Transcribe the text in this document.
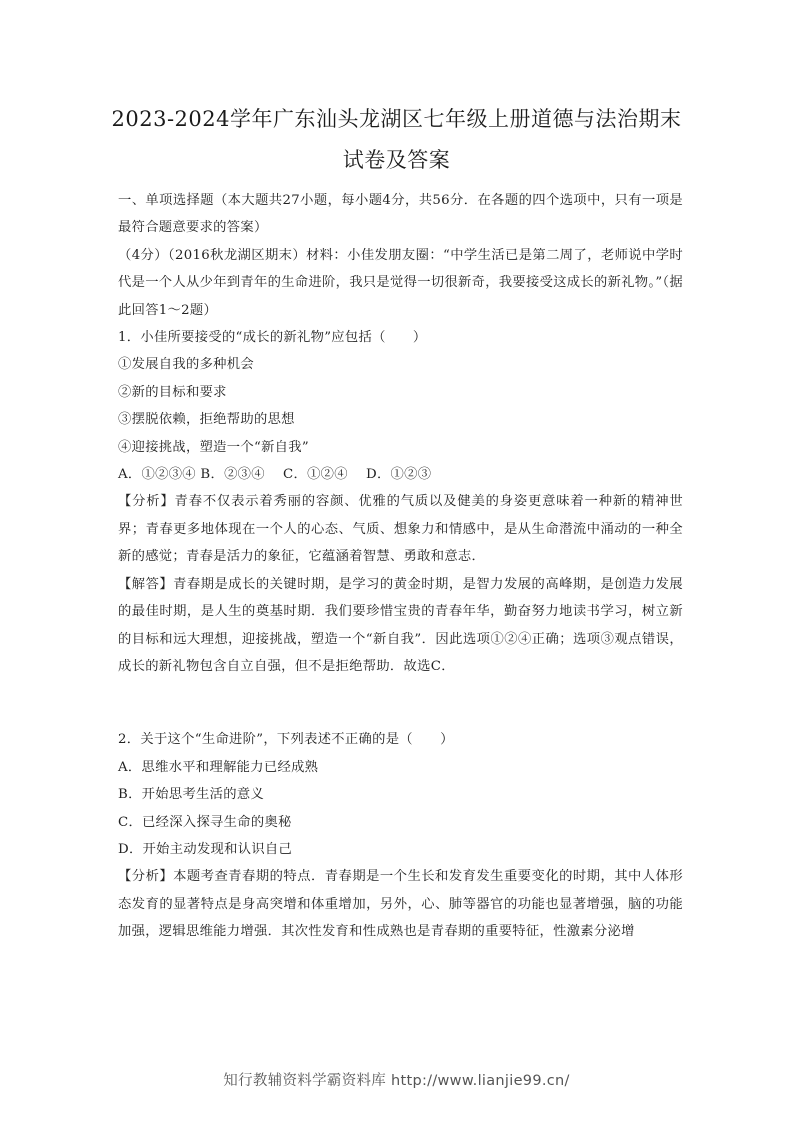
2023-2024学年广东汕头龙湖区七年级上册道德与法治期末
试卷及答案

一、单项选择题（本大题共27小题，每小题4分，共56分．在各题的四个选项中，只有一项是最符合题意要求的答案）

（4分）（2016秋龙湖区期末）材料：小佳发朋友圈：“中学生活已是第二周了，老师说中学时代是一个人从少年到青年的生命进阶，我只是觉得一切很新奇，我要接受这成长的新礼物。”（据此回答1～2题）

1．小佳所要接受的“成长的新礼物”应包括（　　）

①发展自我的多种机会

②新的目标和要求

③摆脱依赖，拒绝帮助的思想

④迎接挑战，塑造一个“新自我”

A．①②③④ B．②③④　 C．①②④　 D．①②③

【分析】青春不仅表示着秀丽的容颜、优雅的气质以及健美的身姿更意味着一种新的精神世界；青春更多地体现在一个人的心态、气质、想象力和情感中，是从生命潜流中涌动的一种全新的感觉；青春是活力的象征，它蕴涵着智慧、勇敢和意志．

【解答】青春期是成长的关键时期，是学习的黄金时期，是智力发展的高峰期，是创造力发展的最佳时期，是人生的奠基时期．我们要珍惜宝贵的青春年华，勤奋努力地读书学习，树立新的目标和远大理想，迎接挑战，塑造一个“新自我”．因此选项①②④正确；选项③观点错误，成长的新礼物包含自立自强，但不是拒绝帮助．故选C．

2．关于这个“生命进阶”，下列表述不正确的是（　　）

A．思维水平和理解能力已经成熟

B．开始思考生活的意义

C．已经深入探寻生命的奥秘

D．开始主动发现和认识自己

【分析】本题考查青春期的特点．青春期是一个生长和发育发生重要变化的时期，其中人体形态发育的显著特点是身高突增和体重增加，另外，心、肺等器官的功能也显著增强，脑的功能加强，逻辑思维能力增强．其次性发育和性成熟也是青春期的重要特征，性激素分泌增

知行教辅资料学霸资料库 http://www.lianjie99.cn/
